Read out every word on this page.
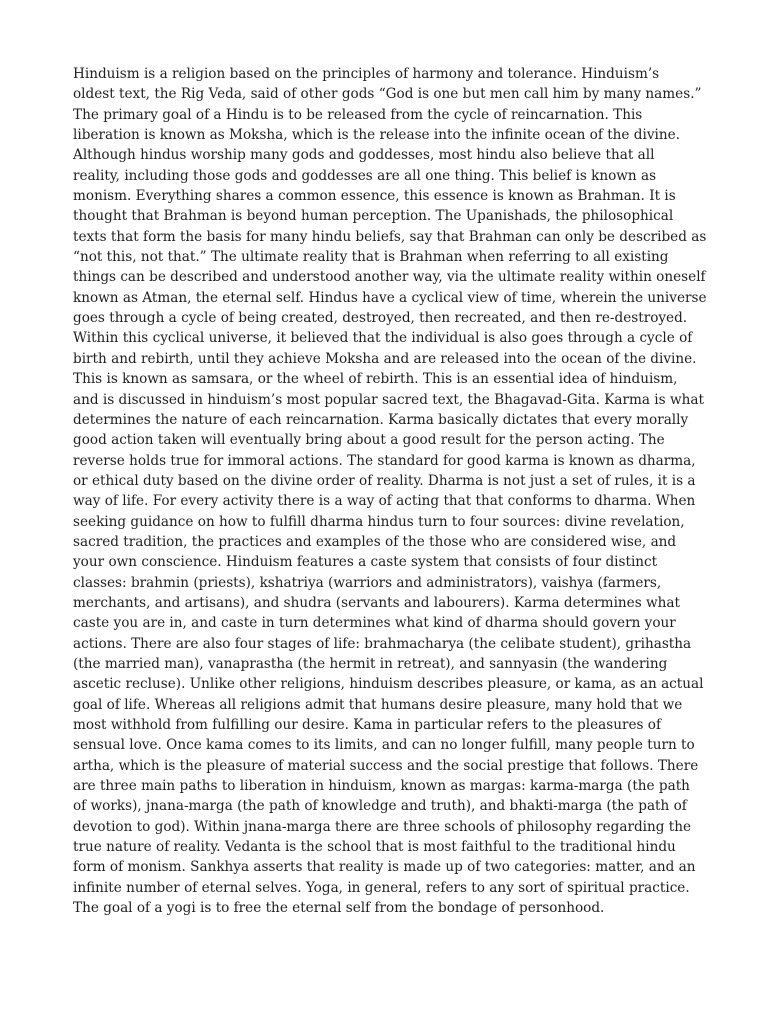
Hinduism is a religion based on the principles of harmony and tolerance. Hinduism’s
oldest text, the Rig Veda, said of other gods “God is one but men call him by many names.”
The primary goal of a Hindu is to be released from the cycle of reincarnation. This
liberation is known as Moksha, which is the release into the infinite ocean of the divine.
Although hindus worship many gods and goddesses, most hindu also believe that all
reality, including those gods and goddesses are all one thing. This belief is known as
monism. Everything shares a common essence, this essence is known as Brahman. It is
thought that Brahman is beyond human perception. The Upanishads, the philosophical
texts that form the basis for many hindu beliefs, say that Brahman can only be described as
“not this, not that.” The ultimate reality that is Brahman when referring to all existing
things can be described and understood another way, via the ultimate reality within oneself
known as Atman, the eternal self. Hindus have a cyclical view of time, wherein the universe
goes through a cycle of being created, destroyed, then recreated, and then re-destroyed.
Within this cyclical universe, it believed that the individual is also goes through a cycle of
birth and rebirth, until they achieve Moksha and are released into the ocean of the divine.
This is known as samsara, or the wheel of rebirth. This is an essential idea of hinduism,
and is discussed in hinduism’s most popular sacred text, the Bhagavad-Gita. Karma is what
determines the nature of each reincarnation. Karma basically dictates that every morally
good action taken will eventually bring about a good result for the person acting. The
reverse holds true for immoral actions. The standard for good karma is known as dharma,
or ethical duty based on the divine order of reality. Dharma is not just a set of rules, it is a
way of life. For every activity there is a way of acting that that conforms to dharma. When
seeking guidance on how to fulfill dharma hindus turn to four sources: divine revelation,
sacred tradition, the practices and examples of the those who are considered wise, and
your own conscience. Hinduism features a caste system that consists of four distinct
classes: brahmin (priests), kshatriya (warriors and administrators), vaishya (farmers,
merchants, and artisans), and shudra (servants and labourers). Karma determines what
caste you are in, and caste in turn determines what kind of dharma should govern your
actions. There are also four stages of life: brahmacharya (the celibate student), grihastha
(the married man), vanaprastha (the hermit in retreat), and sannyasin (the wandering
ascetic recluse). Unlike other religions, hinduism describes pleasure, or kama, as an actual
goal of life. Whereas all religions admit that humans desire pleasure, many hold that we
most withhold from fulfilling our desire. Kama in particular refers to the pleasures of
sensual love. Once kama comes to its limits, and can no longer fulfill, many people turn to
artha, which is the pleasure of material success and the social prestige that follows. There
are three main paths to liberation in hinduism, known as margas: karma-marga (the path
of works), jnana-marga (the path of knowledge and truth), and bhakti-marga (the path of
devotion to god). Within jnana-marga there are three schools of philosophy regarding the
true nature of reality. Vedanta is the school that is most faithful to the traditional hindu
form of monism. Sankhya asserts that reality is made up of two categories: matter, and an
infinite number of eternal selves. Yoga, in general, refers to any sort of spiritual practice.
The goal of a yogi is to free the eternal self from the bondage of personhood.
